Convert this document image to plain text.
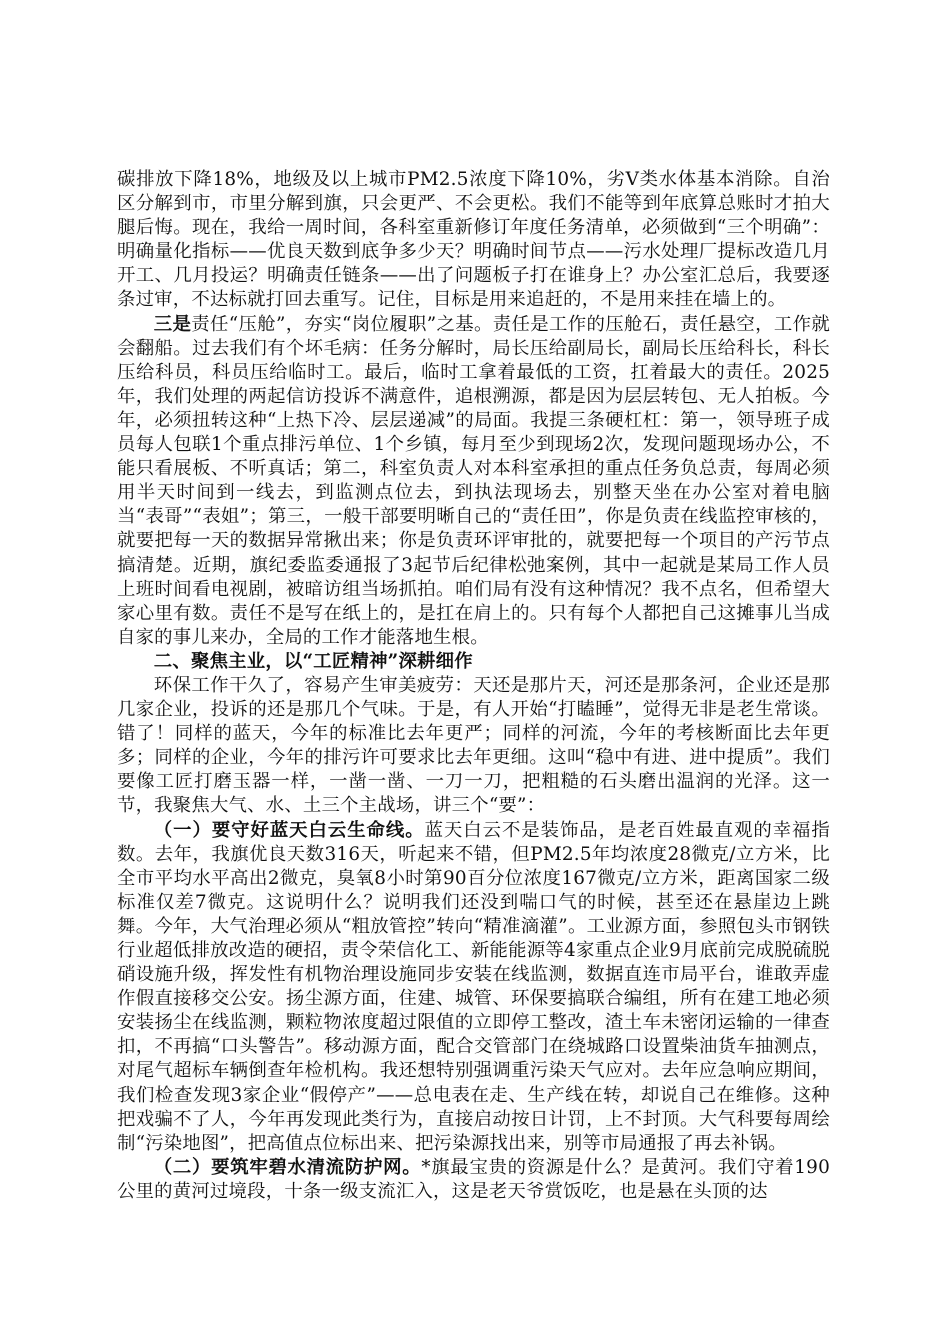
碳排放下降18%，地级及以上城市PM2.5浓度下降10%，劣Ⅴ类水体基本消除。自治区分解到市，市里分解到旗，只会更严、不会更松。我们不能等到年底算总账时才拍大腿后悔。现在，我给一周时间，各科室重新修订年度任务清单，必须做到“三个明确”：明确量化指标——优良天数到底争多少天？明确时间节点——污水处理厂提标改造几月开工、几月投运？明确责任链条——出了问题板子打在谁身上？办公室汇总后，我要逐条过审，不达标就打回去重写。记住，目标是用来追赶的，不是用来挂在墙上的。

三是责任“压舱”，夯实“岗位履职”之基。责任是工作的压舱石，责任悬空，工作就会翻船。过去我们有个坏毛病：任务分解时，局长压给副局长，副局长压给科长，科长压给科员，科员压给临时工。最后，临时工拿着最低的工资，扛着最大的责任。2025年，我们处理的两起信访投诉不满意件，追根溯源，都是因为层层转包、无人拍板。今年，必须扭转这种“上热下冷、层层递减”的局面。我提三条硬杠杠：第一，领导班子成员每人包联1个重点排污单位、1个乡镇，每月至少到现场2次，发现问题现场办公，不能只看展板、不听真话；第二，科室负责人对本科室承担的重点任务负总责，每周必须用半天时间到一线去，到监测点位去，到执法现场去，别整天坐在办公室对着电脑当“表哥”“表姐”；第三，一般干部要明晰自己的“责任田”，你是负责在线监控审核的，就要把每一天的数据异常揪出来；你是负责环评审批的，就要把每一个项目的产污节点搞清楚。近期，旗纪委监委通报了3起节后纪律松弛案例，其中一起就是某局工作人员上班时间看电视剧，被暗访组当场抓拍。咱们局有没有这种情况？我不点名，但希望大家心里有数。责任不是写在纸上的，是扛在肩上的。只有每个人都把自己这摊事儿当成自家的事儿来办，全局的工作才能落地生根。

二、聚焦主业，以“工匠精神”深耕细作

环保工作干久了，容易产生审美疲劳：天还是那片天，河还是那条河，企业还是那几家企业，投诉的还是那几个气味。于是，有人开始“打瞌睡”，觉得无非是老生常谈。错了！同样的蓝天，今年的标准比去年更严；同样的河流，今年的考核断面比去年更多；同样的企业，今年的排污许可要求比去年更细。这叫“稳中有进、进中提质”。我们要像工匠打磨玉器一样，一凿一凿、一刀一刀，把粗糙的石头磨出温润的光泽。这一节，我聚焦大气、水、土三个主战场，讲三个“要”：

（一）要守好蓝天白云生命线。蓝天白云不是装饰品，是老百姓最直观的幸福指数。去年，我旗优良天数316天，听起来不错，但PM2.5年均浓度28微克/立方米，比全市平均水平高出2微克，臭氧8小时第90百分位浓度167微克/立方米，距离国家二级标准仅差7微克。这说明什么？说明我们还没到喘口气的时候，甚至还在悬崖边上跳舞。今年，大气治理必须从“粗放管控”转向“精准滴灌”。工业源方面，参照包头市钢铁行业超低排放改造的硬招，责令荣信化工、新能能源等4家重点企业9月底前完成脱硫脱硝设施升级，挥发性有机物治理设施同步安装在线监测，数据直连市局平台，谁敢弄虚作假直接移交公安。扬尘源方面，住建、城管、环保要搞联合编组，所有在建工地必须安装扬尘在线监测，颗粒物浓度超过限值的立即停工整改，渣土车未密闭运输的一律查扣，不再搞“口头警告”。移动源方面，配合交管部门在绕城路口设置柴油货车抽测点，对尾气超标车辆倒查年检机构。我还想特别强调重污染天气应对。去年应急响应期间，我们检查发现3家企业“假停产”——总电表在走、生产线在转，却说自己在维修。这种把戏骗不了人，今年再发现此类行为，直接启动按日计罚，上不封顶。大气科要每周绘制“污染地图”，把高值点位标出来、把污染源找出来，别等市局通报了再去补锅。

（二）要筑牢碧水清流防护网。*旗最宝贵的资源是什么？是黄河。我们守着190公里的黄河过境段，十条一级支流汇入，这是老天爷赏饭吃，也是悬在头顶的达
